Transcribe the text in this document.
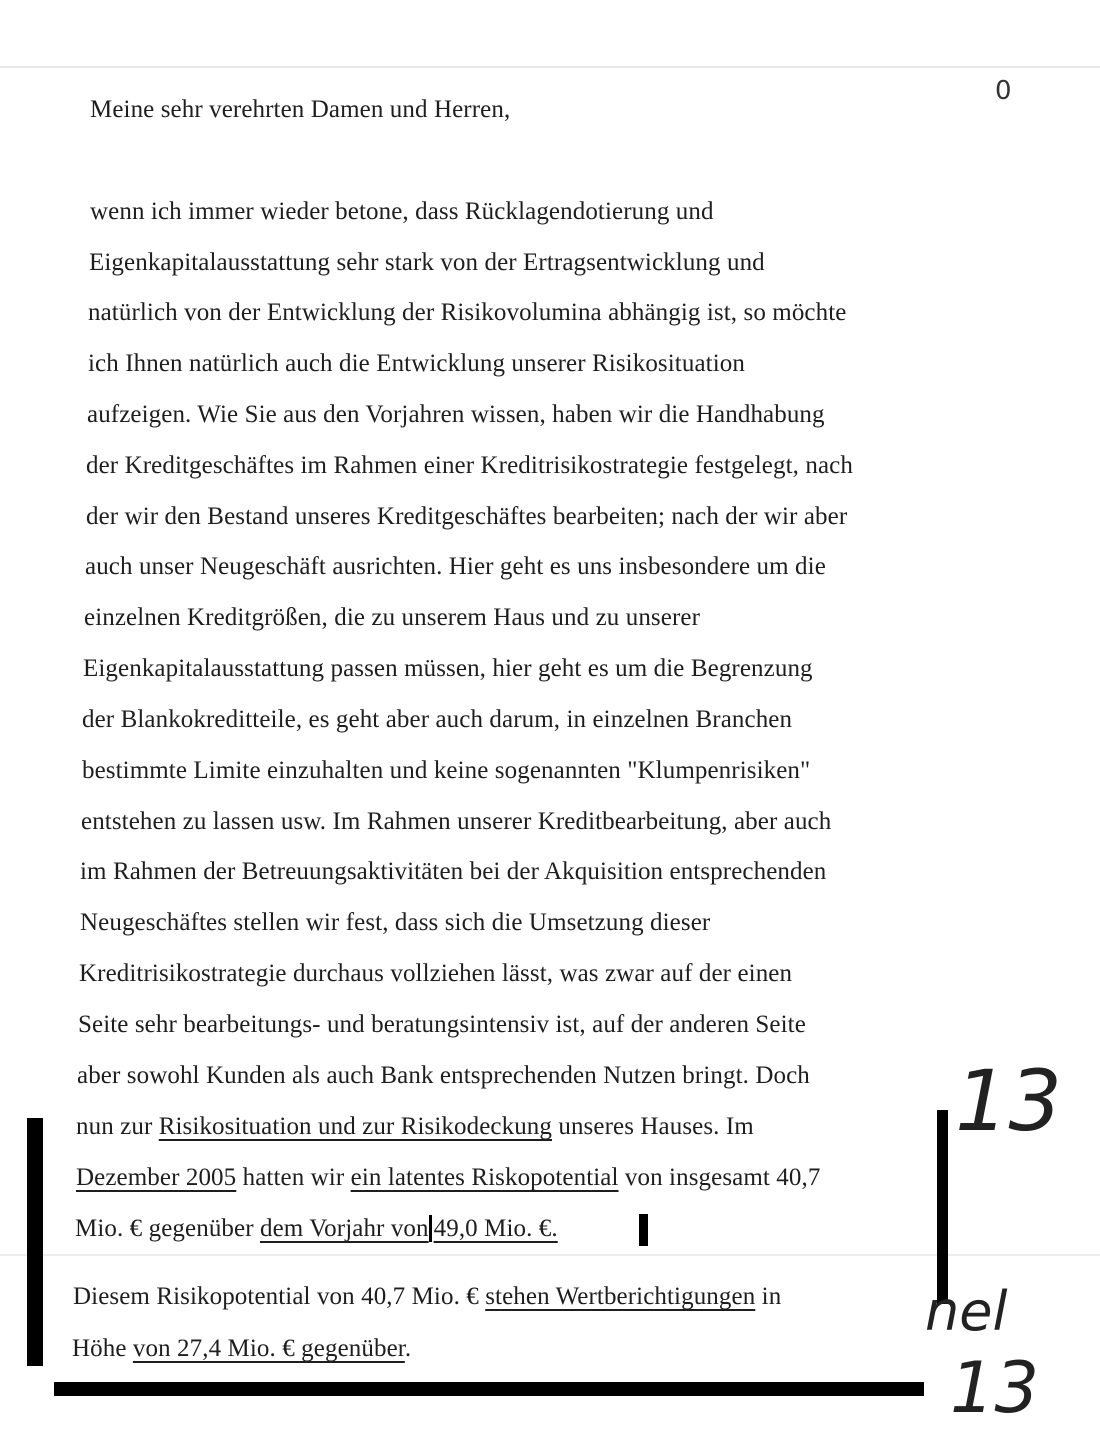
0
Meine sehr verehrten Damen und Herren,
wenn ich immer wieder betone, dass Rücklagendotierung und
Eigenkapitalausstattung sehr stark von der Ertragsentwicklung und
natürlich von der Entwicklung der Risikovolumina abhängig ist, so möchte
ich Ihnen natürlich auch die Entwicklung unserer Risikosituation
aufzeigen. Wie Sie aus den Vorjahren wissen, haben wir die Handhabung
der Kreditgeschäftes im Rahmen einer Kreditrisikostrategie festgelegt, nach
der wir den Bestand unseres Kreditgeschäftes bearbeiten; nach der wir aber
auch unser Neugeschäft ausrichten. Hier geht es uns insbesondere um die
einzelnen Kreditgrößen, die zu unserem Haus und zu unserer
Eigenkapitalausstattung passen müssen, hier geht es um die Begrenzung
der Blankokreditteile, es geht aber auch darum, in einzelnen Branchen
bestimmte Limite einzuhalten und keine sogenannten "Klumpenrisiken"
entstehen zu lassen usw. Im Rahmen unserer Kreditbearbeitung, aber auch
im Rahmen der Betreuungsaktivitäten bei der Akquisition entsprechenden
Neugeschäftes stellen wir fest, dass sich die Umsetzung dieser
Kreditrisikostrategie durchaus vollziehen lässt, was zwar auf der einen
Seite sehr bearbeitungs- und beratungsintensiv ist, auf der anderen Seite
aber sowohl Kunden als auch Bank entsprechenden Nutzen bringt. Doch
nun zur Risikosituation und zur Risikodeckung unseres Hauses. Im
Dezember 2005 hatten wir ein latentes Riskopotential von insgesamt 40,7
Mio. € gegenüber dem Vorjahr von 49,0 Mio. €.
Diesem Risikopotential von 40,7 Mio. € stehen Wertberichtigungen in
Höhe von 27,4 Mio. € gegenüber.
13
nel
13
